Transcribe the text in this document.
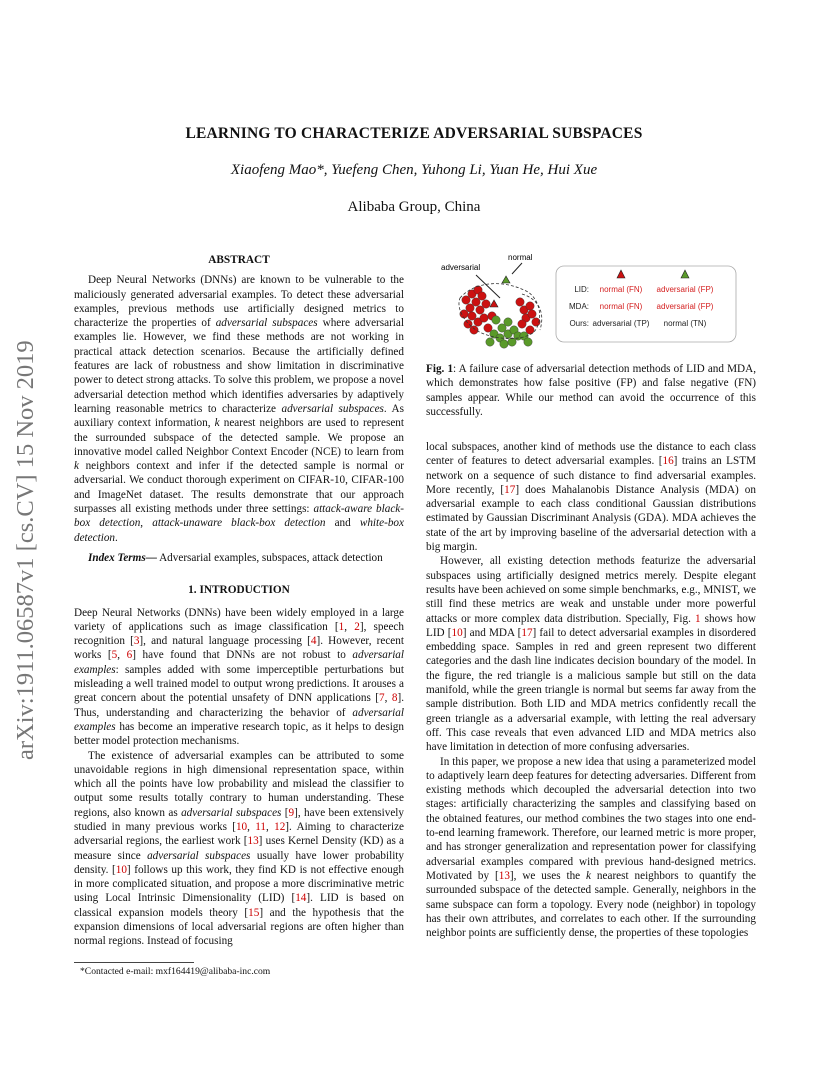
arXiv:1911.06587v1 [cs.CV] 15 Nov 2019
LEARNING TO CHARACTERIZE ADVERSARIAL SUBSPACES
Xiaofeng Mao*, Yuefeng Chen, Yuhong Li, Yuan He, Hui Xue
Alibaba Group, China
ABSTRACT

Deep Neural Networks (DNNs) are known to be vulnerable to the maliciously generated adversarial examples. To detect these adversarial examples, previous methods use artificially designed metrics to characterize the properties of adversarial subspaces where adversarial examples lie. However, we find these methods are not working in practical attack detection scenarios. Because the artificially defined features are lack of robustness and show limitation in discriminative power to detect strong attacks. To solve this problem, we propose a novel adversarial detection method which identifies adversaries by adaptively learning reasonable metrics to characterize adversarial subspaces. As auxiliary context information, k nearest neighbors are used to represent the surrounded subspace of the detected sample. We propose an innovative model called Neighbor Context Encoder (NCE) to learn from k neighbors context and infer if the detected sample is normal or adversarial. We conduct thorough experiment on CIFAR-10, CIFAR-100 and ImageNet dataset. The results demonstrate that our approach surpasses all existing methods under three settings: attack-aware black-box detection, attack-unaware black-box detection and white-box detection.

Index Terms— Adversarial examples, subspaces, attack detection

1. INTRODUCTION

Deep Neural Networks (DNNs) have been widely employed in a large variety of applications such as image classification [1, 2], speech recognition [3], and natural language processing [4]. However, recent works [5, 6] have found that DNNs are not robust to adversarial examples: samples added with some imperceptible perturbations but misleading a well trained model to output wrong predictions. It arouses a great concern about the potential unsafety of DNN applications [7, 8]. Thus, understanding and characterizing the behavior of adversarial examples has become an imperative research topic, as it helps to design better model protection mechanisms.

The existence of adversarial examples can be attributed to some unavoidable regions in high dimensional representation space, within which all the points have low probability and mislead the classifier to output some results totally contrary to human understanding. These regions, also known as adversarial subspaces [9], have been extensively studied in many previous works [10, 11, 12]. Aiming to characterize adversarial regions, the earliest work [13] uses Kernel Density (KD) as a measure since adversarial subspaces usually have lower probability density. [10] follows up this work, they find KD is not effective enough in more complicated situation, and propose a more discriminative metric using Local Intrinsic Dimensionality (LID) [14]. LID is based on classical expansion models theory [15] and the hypothesis that the expansion dimensions of local adversarial regions are often higher than normal regions. Instead of focusing

adversarial
normal
LID: normal (FN) adversarial (FP)
MDA: normal (FN) adversarial (FP)
Ours: adversarial (TP) normal (TN)
Fig. 1: A failure case of adversarial detection methods of LID and MDA, which demonstrates how false positive (FP) and false negative (FN) samples appear. While our method can avoid the occurrence of this successfully.

local subspaces, another kind of methods use the distance to each class center of features to detect adversarial examples. [16] trains an LSTM network on a sequence of such distance to find adversarial examples. More recently, [17] does Mahalanobis Distance Analysis (MDA) on adversarial example to each class conditional Gaussian distributions estimated by Gaussian Discriminant Analysis (GDA). MDA achieves the state of the art by improving baseline of the adversarial detection with a big margin.

However, all existing detection methods featurize the adversarial subspaces using artificially designed metrics merely. Despite elegant results have been achieved on some simple benchmarks, e.g., MNIST, we still find these metrics are weak and unstable under more powerful attacks or more complex data distribution. Specially, Fig. 1 shows how LID [10] and MDA [17] fail to detect adversarial examples in disordered embedding space. Samples in red and green represent two different categories and the dash line indicates decision boundary of the model. In the figure, the red triangle is a malicious sample but still on the data manifold, while the green triangle is normal but seems far away from the sample distribution. Both LID and MDA metrics confidently recall the green triangle as a adversarial example, with letting the real adversary off. This case reveals that even advanced LID and MDA metrics also have limitation in detection of more confusing adversaries.

In this paper, we propose a new idea that using a parameterized model to adaptively learn deep features for detecting adversaries. Different from existing methods which decoupled the adversarial detection into two stages: artificially characterizing the samples and classifying based on the obtained features, our method combines the two stages into one end-to-end learning framework. Therefore, our learned metric is more proper, and has stronger generalization and representation power for classifying adversarial examples compared with previous hand-designed metrics. Motivated by [13], we uses the k nearest neighbors to quantify the surrounded subspace of the detected sample. Generally, neighbors in the same subspace can form a topology. Every node (neighbor) in topology has their own attributes, and correlates to each other. If the surrounding neighbor points are sufficiently dense, the properties of these topologies

*Contacted e-mail: mxf164419@alibaba-inc.com
